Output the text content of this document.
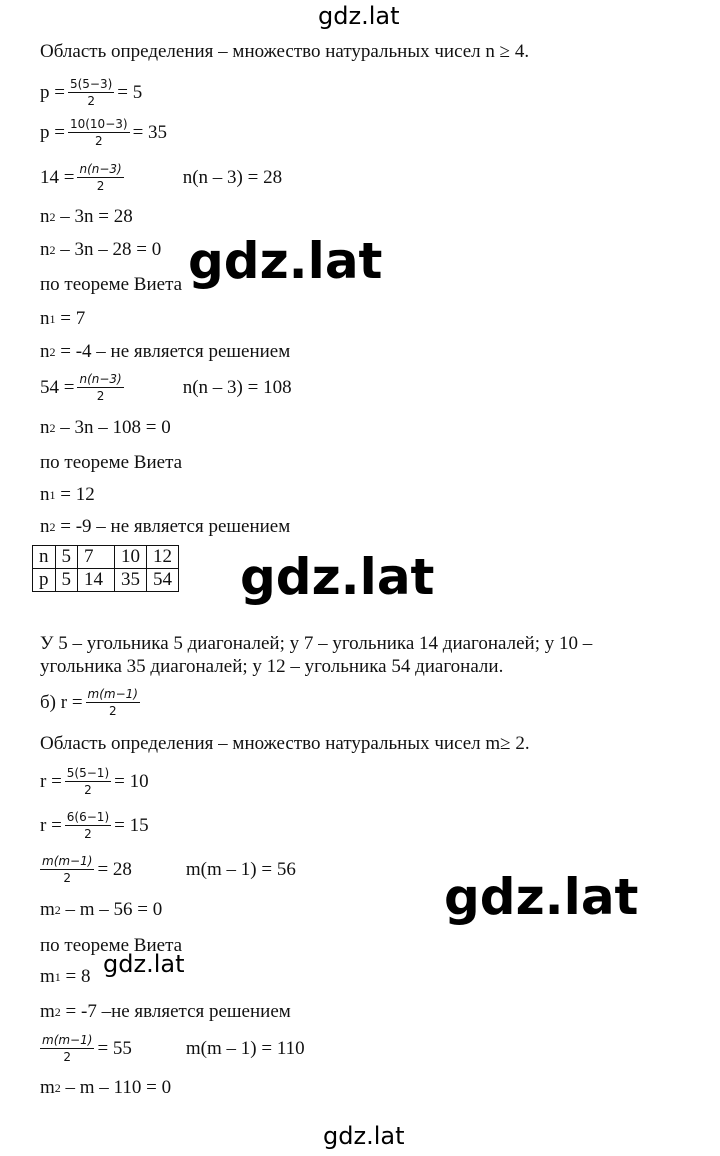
gdz.lat
Область определения – множество натуральных чисел n ≥ 4.
$p = \frac{5(5-3)}{2} = 5$
$p = \frac{10(10-3)}{2} = 35$
$14 = \frac{n(n-3)}{2}$	n(n – 3) = 28
n 2 – 3n = 28
n 2 – 3n – 28 = 0
по теореме Виета
n 1 = 7
n 2 = -4 – не является решением
$54 = \frac{n(n-3)}{2}$	n(n – 3) = 108
n 2 – 3n – 108 = 0
по теореме Виета
n 1 = 12
n 2 = -9 – не является решением
n	5	7	10	12
p	5	14	35	54
У 5 – угольника 5 диагоналей; у 7 – угольника 14 диагоналей; у 10 –
угольника 35 диагоналей; у 12 – угольника 54 диагонали.
б) $r = \frac{m(m-1)}{2}$
Область определения – множество натуральных чисел m≥ 2.
$r = \frac{5(5-1)}{2} = 10$
$r = \frac{6(6-1)}{2} = 15$
$\frac{m(m-1)}{2} = 28$	m(m – 1) = 56
m 2 – m – 56 = 0
по теореме Виета
m 1 = 8
m 2 = -7 –не является решением
$\frac{m(m-1)}{2} = 55$	m(m – 1) = 110
m 2 – m – 110 = 0
gdz.lat
gdz.lat
gdz.lat
gdz.lat
gdz.lat
